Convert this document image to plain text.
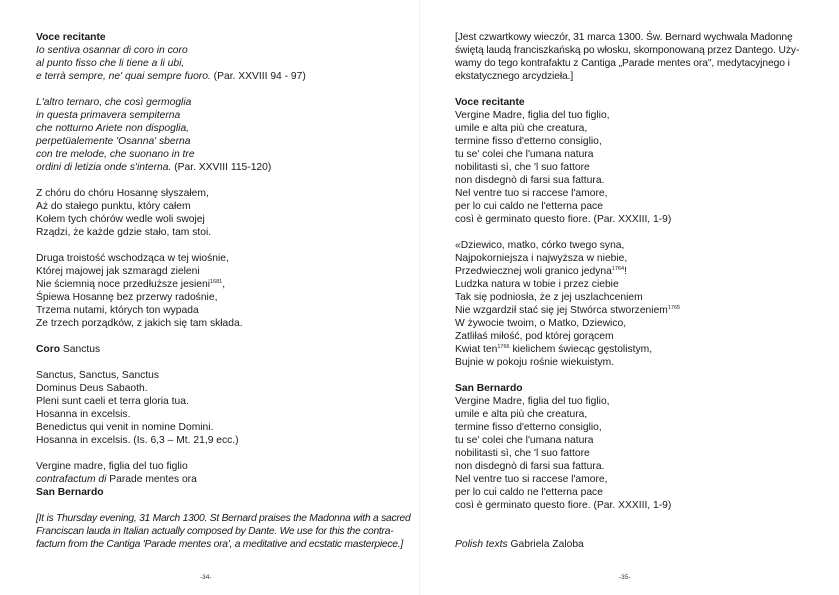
Voce recitante
Io sentiva osannar di coro in coro
al punto fisso che li tiene a li ubi,
e terrà sempre, ne' quai sempre fuoro. (Par. XXVIII 94 - 97)
L'altro ternaro, che così germoglia
in questa primavera sempiterna
che notturno Ariete non dispoglia,
perpetüalemente 'Osanna' sberna
con tre melode, che suonano in tre
ordini di letizia onde s'interna. (Par. XXVIII 115-120)
Z chóru do chóru Hosannę słyszałem,
Aż do stałego punktu, który całem
Kołem tych chórów wedle woli swojej
Rządzi, że każde gdzie stało, tam stoi.
Druga troistość wschodząca w tej wiośnie,
Której majowej jak szmaragd zieleni
Nie ściemnią noce przedłuższe jesieni$^{1681}$,
Śpiewa Hosannę bez przerwy radośnie,
Trzema nutami, których ton wypada
Ze trzech porządków, z jakich się tam składa.
Coro Sanctus
Sanctus, Sanctus, Sanctus
Dominus Deus Sabaoth.
Pleni sunt caeli et terra gloria tua.
Hosanna in excelsis.
Benedictus qui venit in nomine Domini.
Hosanna in excelsis. (Is. 6,3 – Mt. 21,9 ecc.)
Vergine madre, figlia del tuo figlio
contrafactum di Parade mentes ora
San Bernardo
[It is Thursday evening, 31 March 1300. St Bernard praises the Madonna with a sacred
Franciscan lauda in Italian actually composed by Dante. We use for this the contra-
factum from the Cantiga 'Parade mentes ora', a meditative and ecstatic masterpiece.]
-34-
[Jest czwartkowy wieczór, 31 marca 1300. Św. Bernard wychwala Madonnę
świętą laudą franciszkańską po włosku, skomponowaną przez Dantego. Uży-
wamy do tego kontrafaktu z Cantiga „Parade mentes ora", medytacyjnego i
ekstatycznego arcydzieła.]
Voce recitante
Vergine Madre, figlia del tuo figlio,
umile e alta più che creatura,
termine fisso d'etterno consiglio,
tu se' colei che l'umana natura
nobilitasti sì, che 'l suo fattore
non disdegnò di farsi sua fattura.
Nel ventre tuo si raccese l'amore,
per lo cui caldo ne l'etterna pace
così è germinato questo fiore. (Par. XXXIII, 1-9)
«Dziewico, matko, córko twego syna,
Najpokorniejsza i najwyższa w niebie,
Przedwiecznej woli granico jedyna$^{1764}$!
Ludzka natura w tobie i przez ciebie
Tak się podniosła, że z jej uszlachceniem
Nie wzgardził stać się jej Stwórca stworzeniem$^{1765}$
W żywocie twoim, o Matko, Dziewico,
Zatliłaś miłość, pod której gorącem
Kwiat ten$^{1766}$ kielichem świecąc gęstolistym,
Bujnie w pokoju rośnie wiekuistym.
San Bernardo
Vergine Madre, figlia del tuo figlio,
umile e alta più che creatura,
termine fisso d'etterno consiglio,
tu se' colei che l'umana natura
nobilitasti sì, che 'l suo fattore
non disdegnò di farsi sua fattura.
Nel ventre tuo si raccese l'amore,
per lo cui caldo ne l'etterna pace
così è germinato questo fiore. (Par. XXXIII, 1-9)
Polish texts Gabriela Zaloba
-35-
